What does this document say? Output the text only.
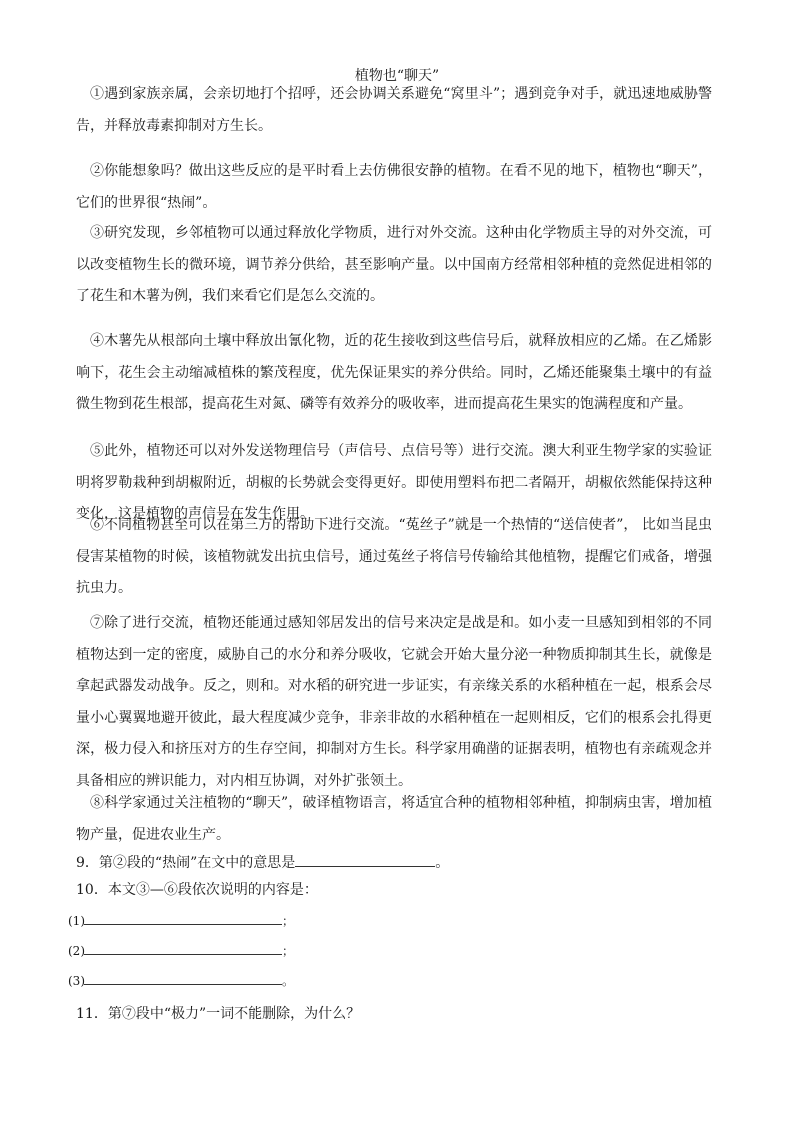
植物也“聊天”

①遇到家族亲属，会亲切地打个招呼，还会协调关系避免“窝里斗”；遇到竞争对手，就迅速地威胁警告，并释放毒素抑制对方生长。

②你能想象吗？做出这些反应的是平时看上去仿佛很安静的植物。在看不见的地下，植物也“聊天”，它们的世界很“热闹”。

③研究发现，乡邻植物可以通过释放化学物质，进行对外交流。这种由化学物质主导的对外交流，可以改变植物生长的微环境，调节养分供给，甚至影响产量。以中国南方经常相邻种植的竞然促进相邻的了花生和木薯为例，我们来看它们是怎么交流的。

④木薯先从根部向土壤中释放出氰化物，近的花生接收到这些信号后，就释放相应的乙烯。在乙烯影响下，花生会主动缩减植株的繁茂程度，优先保证果实的养分供给。同时，乙烯还能聚集土壤中的有益微生物到花生根部，提高花生对氮、磷等有效养分的吸收率，进而提高花生果实的饱满程度和产量。

⑤此外，植物还可以对外发送物理信号（声信号、点信号等）进行交流。澳大利亚生物学家的实验证明将罗勒栽种到胡椒附近，胡椒的长势就会变得更好。即使用塑料布把二者隔开，胡椒依然能保持这种变化，这是植物的声信号在发生作用。

⑥不同植物甚至可以在第三方的帮助下进行交流。“菟丝子”就是一个热情的“送信使者”， 比如当昆虫侵害某植物的时候，该植物就发出抗虫信号，通过菟丝子将信号传输给其他植物，提醒它们戒备，增强抗虫力。

⑦除了进行交流，植物还能通过感知邻居发出的信号来决定是战是和。如小麦一旦感知到相邻的不同植物达到一定的密度，威胁自己的水分和养分吸收，它就会开始大量分泌一种物质抑制其生长，就像是拿起武器发动战争。反之，则和。对水稻的研究进一步证实，有亲缘关系的水稻种植在一起，根系会尽量小心翼翼地避开彼此，最大程度减少竞争，非亲非故的水稻种植在一起则相反，它们的根系会扎得更深，极力侵入和挤压对方的生存空间，抑制对方生长。科学家用确凿的证据表明，植物也有亲疏观念并具备相应的辨识能力，对内相互协调，对外扩张领土。

⑧科学家通过关注植物的“聊天”，破译植物语言，将适宜合种的植物相邻种植，抑制病虫害，增加植物产量，促进农业生产。

9．第②段的“热闹”在文中的意思是	。
10．本文③—⑥段依次说明的内容是：
(1)	；
(2)	；
(3)	。
11．第⑦段中“极力”一词不能删除，为什么？
